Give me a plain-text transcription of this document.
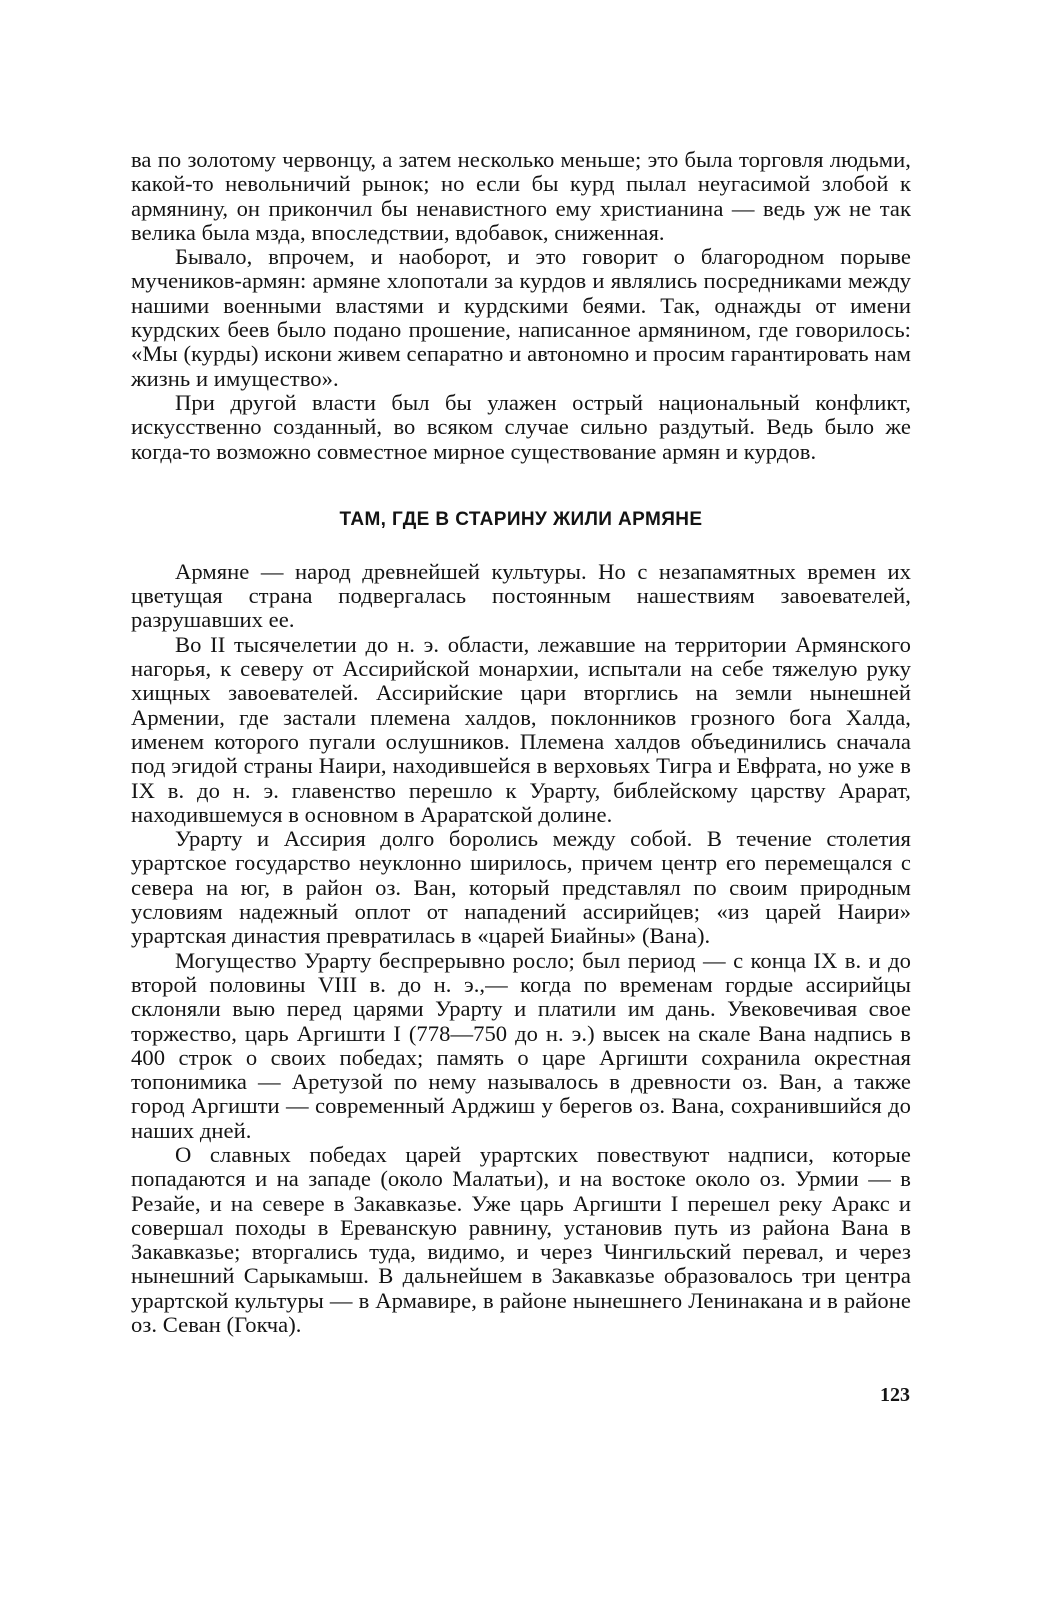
ва по золотому червонцу, а затем несколько меньше; это была торговля людьми, какой-то невольничий рынок; но если бы курд пылал неугасимой злобой к армянину, он прикончил бы ненавистного ему христианина — ведь уж не так велика была мзда, впоследствии, вдобавок, сниженная.

Бывало, впрочем, и наоборот, и это говорит о благородном порыве мучеников-армян: армяне хлопотали за курдов и являлись посредниками между нашими военными властями и курдскими беями. Так, однажды от имени курдских беев было подано прошение, написанное армянином, где говорилось: «Мы (курды) искони живем сепаратно и автономно и просим гарантировать нам жизнь и имущество».

При другой власти был бы улажен острый национальный конфликт, искусственно созданный, во всяком случае сильно раздутый. Ведь было же когда-то возможно совместное мирное существование армян и курдов.

ТАМ, ГДЕ В СТАРИНУ ЖИЛИ АРМЯНЕ

Армяне — народ древнейшей культуры. Но с незапамятных времен их цветущая страна подвергалась постоянным нашествиям завоевателей, разрушавших ее.

Во II тысячелетии до н. э. области, лежавшие на территории Армянского нагорья, к северу от Ассирийской монархии, испытали на себе тяжелую руку хищных завоевателей. Ассирийские цари вторглись на земли нынешней Армении, где застали племена халдов, поклонников грозного бога Халда, именем которого пугали ослушников. Племена халдов объединились сначала под эгидой страны Наири, находившейся в верховьях Тигра и Евфрата, но уже в IX в. до н. э. главенство перешло к Урарту, библейскому царству Арарат, находившемуся в основном в Араратской долине.

Урарту и Ассирия долго боролись между собой. В течение столетия урартское государство неуклонно ширилось, причем центр его перемещался с севера на юг, в район оз. Ван, который представлял по своим природным условиям надежный оплот от нападений ассирийцев; «из царей Наири» урартская династия превратилась в «царей Биайны» (Вана).

Могущество Урарту беспрерывно росло; был период — с конца IX в. и до второй половины VIII в. до н. э.,— когда по временам гордые ассирийцы склоняли выю перед царями Урарту и платили им дань. Увековечивая свое торжество, царь Аргишти I (778—750 до н. э.) высек на скале Вана надпись в 400 строк о своих победах; память о царе Аргишти сохранила окрестная топонимика — Аретузой по нему называлось в древности оз. Ван, а также город Аргишти — современный Арджиш у берегов оз. Вана, сохранившийся до наших дней.

О славных победах царей урартских повествуют надписи, которые попадаются и на западе (около Малатьи), и на востоке около оз. Урмии — в Резайе, и на севере в Закавказье. Уже царь Аргишти I перешел реку Аракс и совершал походы в Ереванскую равнину, установив путь из района Вана в Закавказье; вторгались туда, видимо, и через Чингильский перевал, и через нынешний Сарыкамыш. В дальнейшем в Закавказье образовалось три центра урартской культуры — в Армавире, в районе нынешнего Ленинакана и в районе оз. Севан (Гокча).

123
